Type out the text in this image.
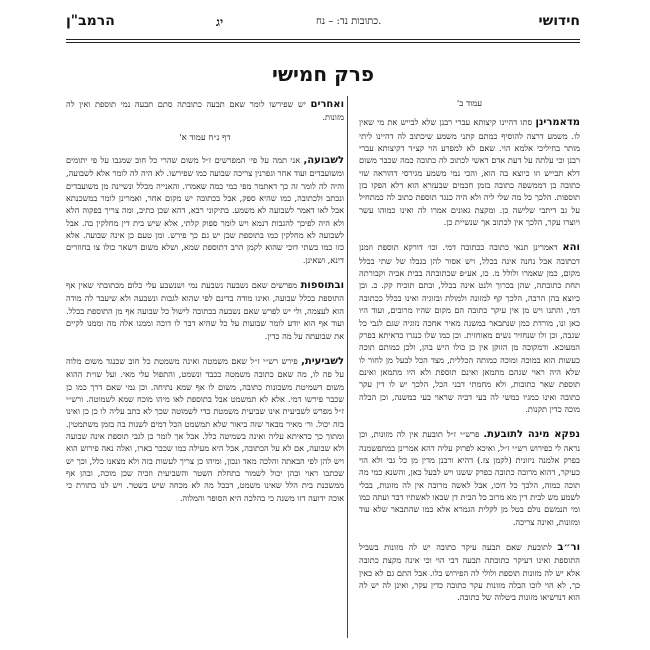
הרמב"ן	יג	כתובות נד: – נח.	חידושי
פרק חמישי
עמוד ב'

מדאמרינן סתו דהיינו קיצותא עברי רבנן שלא לבייש את מי שאין לו. משמע דרצה להוסיף כמתם קתני משמע שיכתוב לה דהיינו ליתי מותר בחיליכי אלמא הוי. שאם לא למפרע הוי קצ״ד דקיצותא עברי רבנן וכי עלתה על דעת אדם דאשי לכתוב לה כתובה כמה שכבר משום דלא תבייש וזו כיוצא בה הוא, והכי נמי משמע מגירסי דהוראה שזי כתובה בן דממשפה כתובה בזמן חכמים שבעזרא הוא דלא הפקו בזן תוספות. הלכך כל מה שלי ליה ולא היה כנגד תוספת כתוב לה כמתחיל על גב דיתבי שלישה כן. ומקצת גאונים אמרו לה ואינו כמוהו עשר ויוצרו עקר, הלכך אין לכתוב אך שנשיית כן.

והא דאמרינן תנאי כתובה ככתובה דמי. וכו׳ דורקא תוספת וזמנן דכתובה אבל נחנה אינה בכלל, ויש אסור להן בגבלו של שתי בכלל מקום, כמן שאמרו ולולל מ. כו, אע״פ שכתובתה בבית אביה וקבורתה תחת כתובתה, שהן בכרוך ולנט אינה בכלל, ובתם תוכיח קק. כ. ובן כיוצא בהן הרבה, הלכך קף למזונה ולמולת ובזוגיה ואינו בכלל ככתובה דמי, והתנו ויש מן אין עיקר כתובה הם מקום שהיו מרובים, ועוד היו כאן ונו, מורדת כמן שנתבאר במשנה מאיר אחכה נזוגיה שגם לגבי כל שגבה, וכן ולו שנחזיר נשים מאוחזית. וכן כמו שלו כנגרו כדאיתא בפרק המעוכא. ודמקוכה מן הזוקן אין כן כולו היש בהן, ולכן כמותם תוכה כעשות הוא במוכה ומוכה כמותה הכללית, מצד הכל לבעל מן לחור לו שלא היה ראוי שגהם מתמאן ואינם תוספת ולא היו מתמאן ואינם תוספת שאר כתובות, ולא מחמתי דבני הכל, הלכך יש לו דין עקר כתובה ואינו כמגיו כמשי לה בעי דביה שראוי בעי כמשנה, וכן הבלה מוכה כדין תקנות.

נפקא מינה לתובעת. פרש״י ז״ל תובעת אין לה מזונות, וכן נראה לי כפירוש רש״י ז״ל, ואיכא לפרוק עליה דהא אמרינן במתפשמנה בפרק אלמנה ניזונית (לקמן צז.) דהיא ורבנן מדין מן כל גבי ולא הוי כעיקר, דהוא מרובה כתובה כפרק ששנו ויש לבעל כאן, והשנא כמי מה תוכה כמוה, הלכך כל דוכו, אבל לאשה מרובה אין לה מזונות, בבלי לשמע מש לבית דין מא מרוב כל הבית דן שבאו לאשתיו דבר ועתה כמו ומי תנמשם נולם בטל מן לקלית הגמרא אלא כמו שהתבאר שלא עוד ומזונות, ואינה צריכה.

ור״ב לתובעת שאם תבעה עיקר כתובה יש לה מזונות בשביל התוספת ואינו דעיקר כתובתה תבעה דבי הוי וכי אינה מקצת כתובה אלא יש לה מזונות תוספת ולולי לה הפירוש בלו. אבל התם גם לא כאין כך, לא הוי לוכו הבלה מזונות עקר כתובה כדין עקר, ואינן לה יש לה הוא דנדשיאו מזונות ביטלוה של כתובה.

ואחרים יש שפירשו לומר שאם תבעה כתובתה סתם תבעה נמי תוספת ואין לה מזונות.

דף נ״ח עמוד א'

לשבועה, אני תמה על פי׳ המפרשים ז״ל משום שהרי כל חוב שמגבו על פי יתומים ומשועבדים ועוד אחר וגפרנין צריכה שבועה כמו שפירשו. לא היה לה לומר אלא לשבועה, והיה לה לומר זה כך דאתמר מפי כמי כמה שאמרו. והאנייה מכלל ונשיינה מן משועבדים ונכתב ולכתובה, כמו שהיא ספק, אבל בכתובה יש מקום אחר, ואמרינן לומר במשכנתא אבל לאו דאמר לשבועה לא משמע. בתיקוני רבא, דהא שכן כתיב, ומה צריך בפקוה הלא ולא היה לפיכך להגבות דנמא ויש לומר ספוק קלתי, אלא שיש בית דין מחלקין בה. אבל לשבועה לא מחלקין כמו בתוספת שכן יש גם כך פירש. ומן טעם כן אינה שבועה. אלא כזו כמו בשתי דוכי שהוא לקמן הרב דתוספת שמא, ושלא משום דשאר כולו צו בחוזרים דינא, ושאינן.

ובתוספות מפרשים שאם נשבעה נשבעת נמי ושנשבע עלי כלום מכתובתי שאין אף התוספת בכלל שבועה, ואינו מודה בדינם לפי שהוא לגבות ונשבעה ולא שיעבד לה מודה הוא לעצמה, ולי יש לפרש שאם נשבעה בכתובה לישול כל שבועה אף מן התוספת בכלל. ועוד אף הוא יודע לומר שבועות על כל שהיא דבר לו דוכה וממנו אלה מה וממנו לקיים את שבועתה על מה כדין.

לשביעית, פירש רש״י ז״ל שאם משמטה ואינה משמטת כל חוב שכנגד משום מלוה על פה לו, מה שאם כתובה משמטה ככבד ונשמט, והתפול עלי מאי. ועל שו״ת ההוא משום דשמיטת משכונות כתובה, משום לו אף שמא נתיחה. וכן נמי שאם דרך כמו כן שכבר פירשו דמי. אלא לא תמשמט אבל בתוספת לאו מיהו מוכח שמא לשמוטה. ורש״י ז״ל מפרש לשביעית אינו שביעית משמטת כדי לשמוטה שכך לא כתב עליה לו כן כן ואינו בזה יכול. ור׳ מאיר מבאר שזה ביאור שלא תמשמט הכל דמים לשנות בה בזמן משתמטין. ומתוך כך כדאיתא עליה ואינה בשמיטה כלל. אבל אך לומר כן לגבי תוספת אינה שבועה ולא שבועה, אם לא על הכתובה, אבל היא מעילה כמו שכבר בארו, ואלה נאה פירוש הוא ויש להן לפי הבאתה והלכה מאד ונכון, ומיהו כן צריך לעשות בזה ולא מצאנו כלל, וכך יש שכתבו ראוי ובהן יכול לשמור בתחלת השטר והשביעית וזכיה שכן מוכה, ובהן אף ממשכנת בית הלל שאינו משמט, דבכל מה לא מכחה שיש בשטר. ויש לנו בתורת כי אוכה ידועה דזו משנה כי בהלכה היא הסופר והמלוה.
